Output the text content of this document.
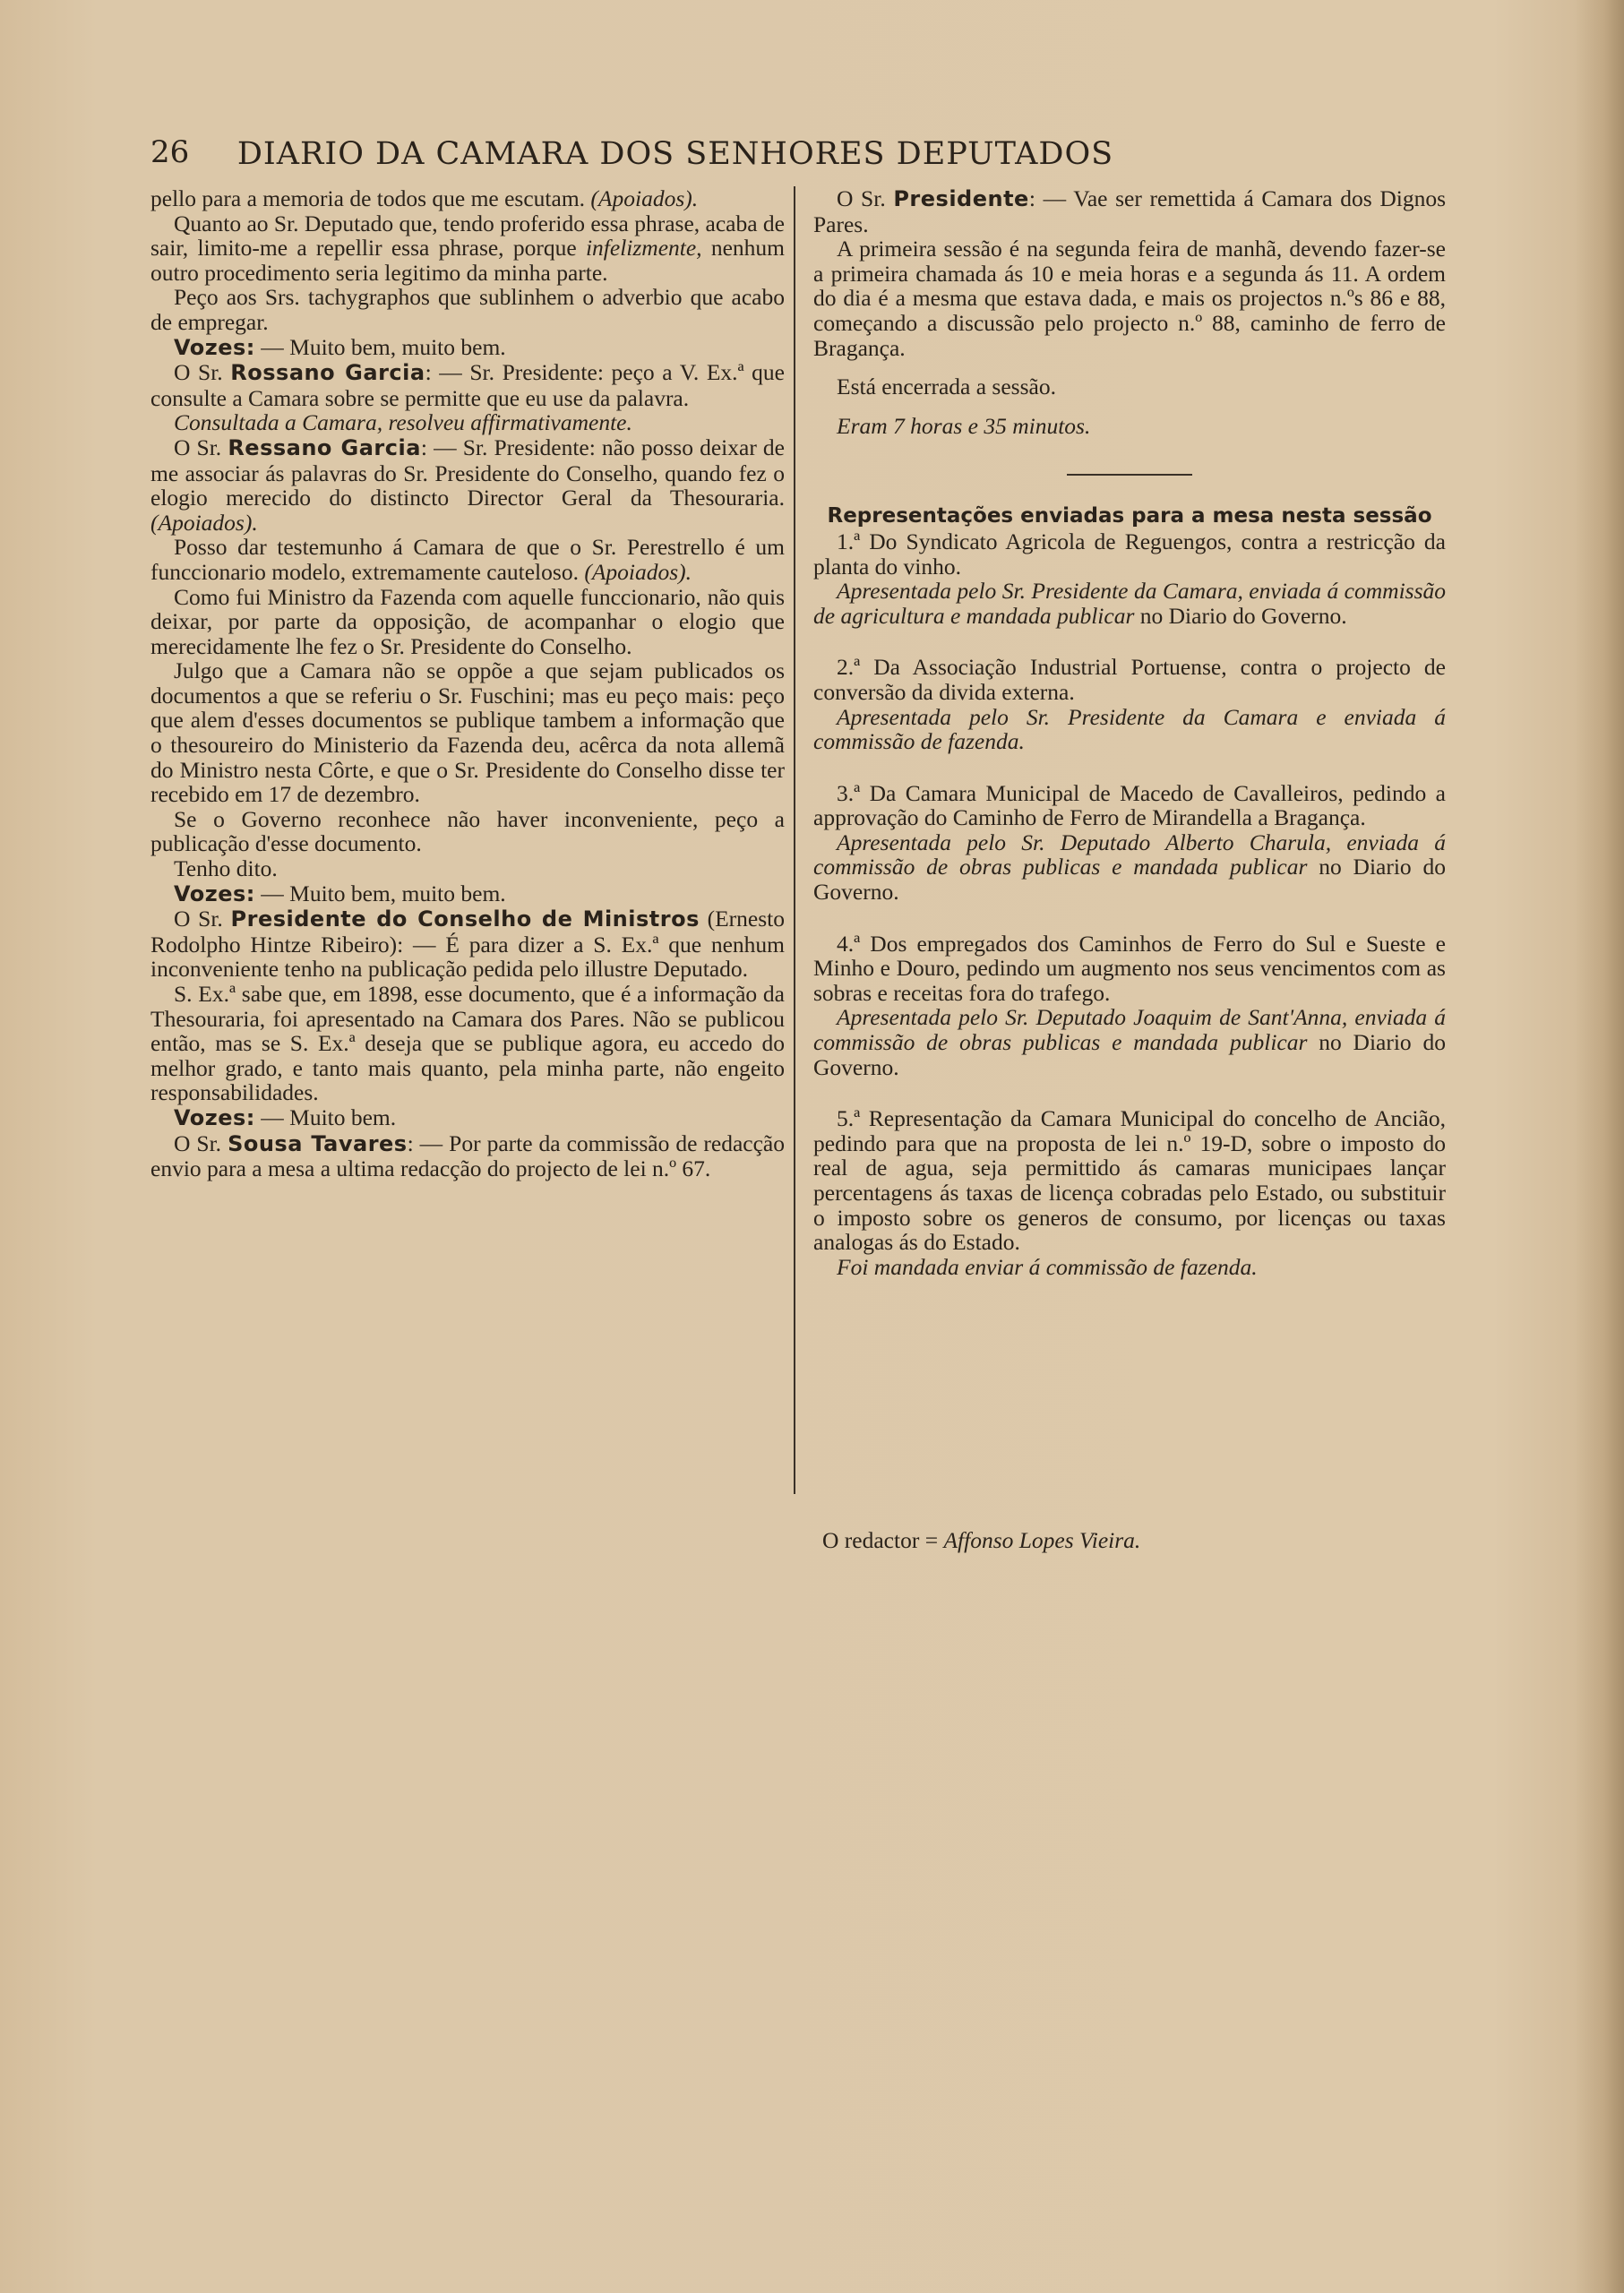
26	DIARIO DA CAMARA DOS SENHORES DEPUTADOS

pello para a memoria de todos que me escutam. (Apoiados).

Quanto ao Sr. Deputado que, tendo proferido essa phrase, acaba de sair, limito-me a repellir essa phrase, porque infelizmente, nenhum outro procedimento seria legitimo da minha parte.

Peço aos Srs. tachygraphos que sublinhem o adverbio que acabo de empregar.

Vozes: — Muito bem, muito bem.

O Sr. Rossano Garcia: — Sr. Presidente: peço a V. Ex.ª que consulte a Camara sobre se permitte que eu use da palavra.

Consultada a Camara, resolveu affirmativamente.

O Sr. Ressano Garcia: — Sr. Presidente: não posso deixar de me associar ás palavras do Sr. Presidente do Conselho, quando fez o elogio merecido do distincto Director Geral da Thesouraria. (Apoiados).

Posso dar testemunho á Camara de que o Sr. Perestrello é um funccionario modelo, extremamente cauteloso. (Apoiados).

Como fui Ministro da Fazenda com aquelle funccionario, não quis deixar, por parte da opposição, de acompanhar o elogio que merecidamente lhe fez o Sr. Presidente do Conselho.

Julgo que a Camara não se oppõe a que sejam publicados os documentos a que se referiu o Sr. Fuschini; mas eu peço mais: peço que alem d'esses documentos se publique tambem a informação que o thesoureiro do Ministerio da Fazenda deu, acêrca da nota allemã do Ministro nesta Côrte, e que o Sr. Presidente do Conselho disse ter recebido em 17 de dezembro.

Se o Governo reconhece não haver inconveniente, peço a publicação d'esse documento.

Tenho dito.

Vozes: — Muito bem, muito bem.

O Sr. Presidente do Conselho de Ministros (Ernesto Rodolpho Hintze Ribeiro): — É para dizer a S. Ex.ª que nenhum inconveniente tenho na publicação pedida pelo illustre Deputado.

S. Ex.ª sabe que, em 1898, esse documento, que é a informação da Thesouraria, foi apresentado na Camara dos Pares. Não se publicou então, mas se S. Ex.ª deseja que se publique agora, eu accedo do melhor grado, e tanto mais quanto, pela minha parte, não engeito responsabilidades.

Vozes: — Muito bem.

O Sr. Sousa Tavares: — Por parte da commissão de redacção envio para a mesa a ultima redacção do projecto de lei n.º 67.

O Sr. Presidente: — Vae ser remettida á Camara dos Dignos Pares.

A primeira sessão é na segunda feira de manhã, devendo fazer-se a primeira chamada ás 10 e meia horas e a segunda ás 11. A ordem do dia é a mesma que estava dada, e mais os projectos n.ºs 86 e 88, começando a discussão pelo projecto n.º 88, caminho de ferro de Bragança.

Está encerrada a sessão.

Eram 7 horas e 35 minutos.

Representações enviadas para a mesa nesta sessão

1.ª Do Syndicato Agricola de Reguengos, contra a restricção da planta do vinho.

Apresentada pelo Sr. Presidente da Camara, enviada á commissão de agricultura e mandada publicar no Diario do Governo.

2.ª Da Associação Industrial Portuense, contra o projecto de conversão da divida externa.

Apresentada pelo Sr. Presidente da Camara e enviada á commissão de fazenda.

3.ª Da Camara Municipal de Macedo de Cavalleiros, pedindo a approvação do Caminho de Ferro de Mirandella a Bragança.

Apresentada pelo Sr. Deputado Alberto Charula, enviada á commissão de obras publicas e mandada publicar no Diario do Governo.

4.ª Dos empregados dos Caminhos de Ferro do Sul e Sueste e Minho e Douro, pedindo um augmento nos seus vencimentos com as sobras e receitas fora do trafego.

Apresentada pelo Sr. Deputado Joaquim de Sant'Anna, enviada á commissão de obras publicas e mandada publicar no Diario do Governo.

5.ª Representação da Camara Municipal do concelho de Ancião, pedindo para que na proposta de lei n.º 19-D, sobre o imposto do real de agua, seja permittido ás camaras municipaes lançar percentagens ás taxas de licença cobradas pelo Estado, ou substituir o imposto sobre os generos de consumo, por licenças ou taxas analogas ás do Estado.

Foi mandada enviar á commissão de fazenda.

O redactor = Affonso Lopes Vieira.
